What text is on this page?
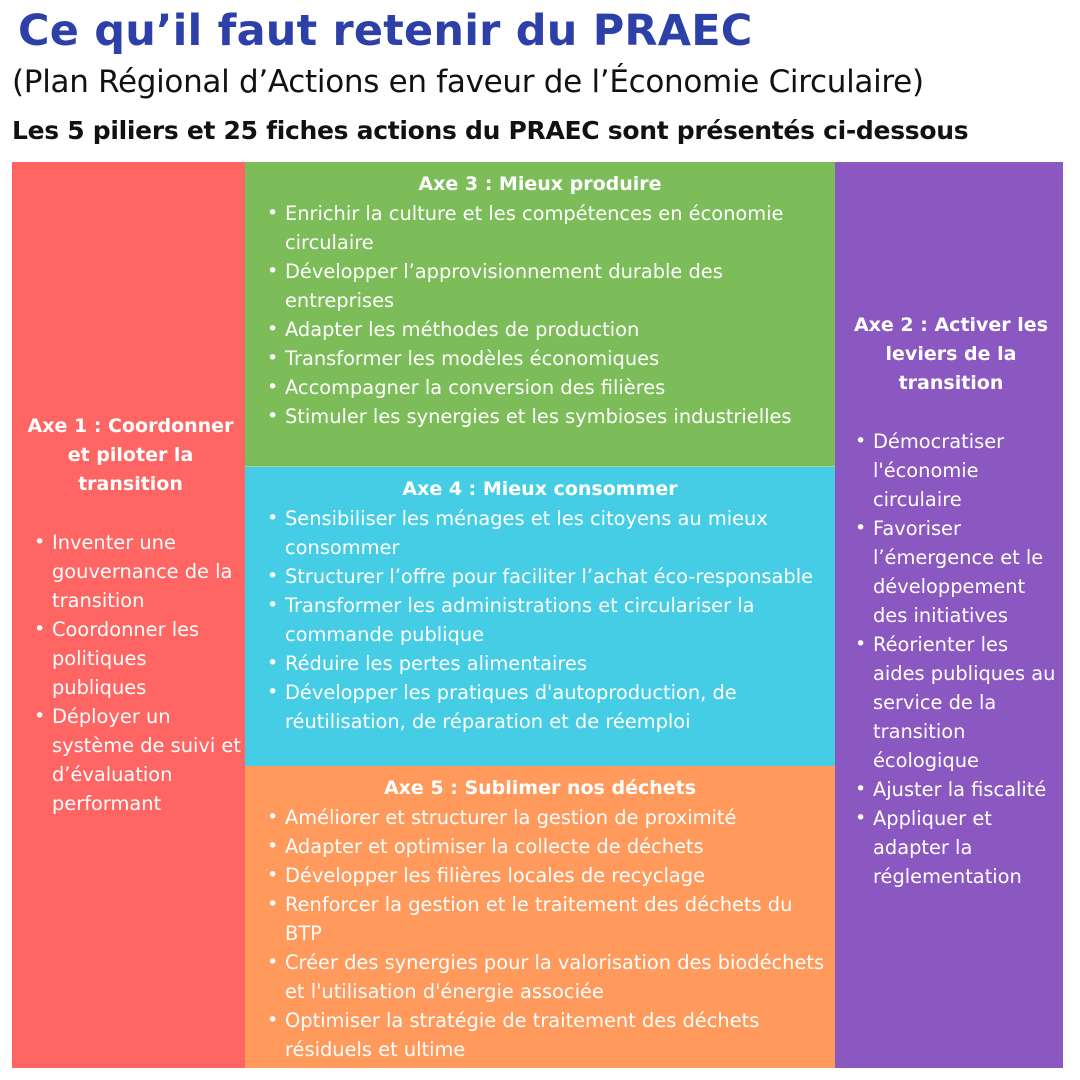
Ce qu’il faut retenir du PRAEC

(Plan Régional d’Actions en faveur de l’Économie Circulaire)

Les 5 piliers et 25 fiches actions du PRAEC sont présentés ci-dessous

Axe 1 : Coordonner et piloter la transition
• Inventer une gouvernance de la transition
• Coordonner les politiques publiques
• Déployer un système de suivi et d’évaluation performant
Axe 3 : Mieux produire
• Enrichir la culture et les compétences en économie circulaire
• Développer l’approvisionnement durable des entreprises
• Adapter les méthodes de production
• Transformer les modèles économiques
• Accompagner la conversion des filières
• Stimuler les synergies et les symbioses industrielles
Axe 4 : Mieux consommer
• Sensibiliser les ménages et les citoyens au mieux consommer
• Structurer l’offre pour faciliter l’achat éco-responsable
• Transformer les administrations et circulariser la commande publique
• Réduire les pertes alimentaires
• Développer les pratiques d'autoproduction, de réutilisation, de réparation et de réemploi
Axe 5 : Sublimer nos déchets
• Améliorer et structurer la gestion de proximité
• Adapter et optimiser la collecte de déchets
• Développer les filières locales de recyclage
• Renforcer la gestion et le traitement des déchets du BTP
• Créer des synergies pour la valorisation des biodéchets et l'utilisation d'énergie associée
• Optimiser la stratégie de traitement des déchets résiduels et ultime
Axe 2 : Activer les leviers de la transition
• Démocratiser l'économie circulaire
• Favoriser l’émergence et le développement des initiatives
• Réorienter les aides publiques au service de la transition écologique
• Ajuster la fiscalité
• Appliquer et adapter la réglementation
